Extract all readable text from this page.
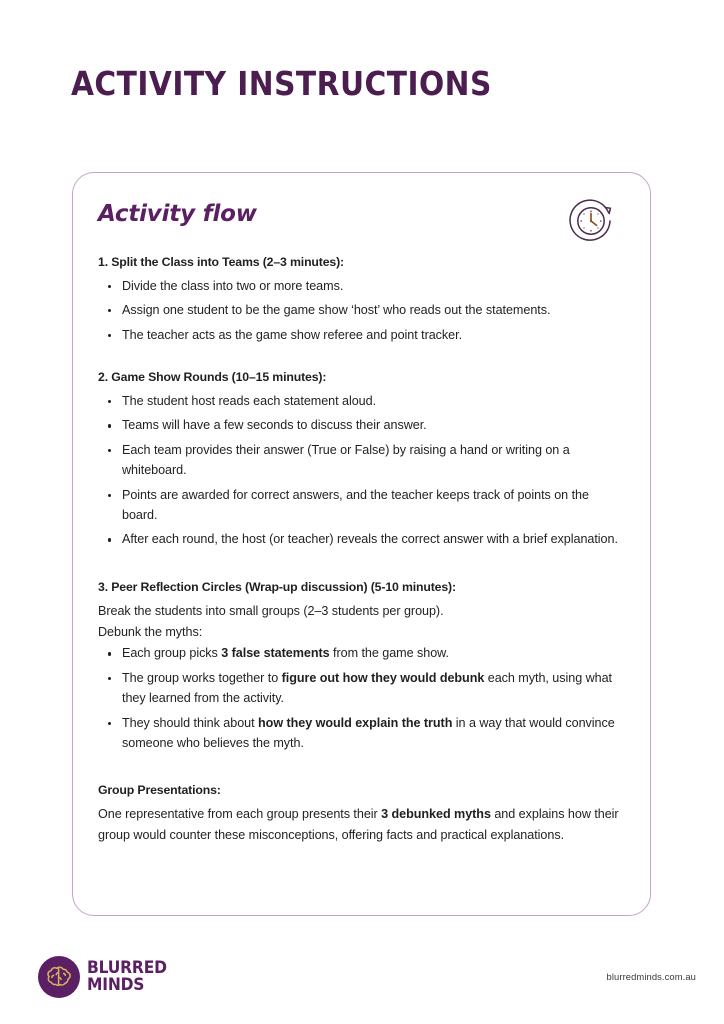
ACTIVITY INSTRUCTIONS
Activity flow
1. Split the Class into Teams (2–3 minutes):
Divide the class into two or more teams.
Assign one student to be the game show ‘host’ who reads out the statements.
The teacher acts as the game show referee and point tracker.
2. Game Show Rounds (10–15 minutes):
The student host reads each statement aloud.
Teams will have a few seconds to discuss their answer.
Each team provides their answer (True or False) by raising a hand or writing on a whiteboard.
Points are awarded for correct answers, and the teacher keeps track of points on the board.
After each round, the host (or teacher) reveals the correct answer with a brief explanation.
3. Peer Reflection Circles (Wrap-up discussion) (5-10 minutes):

Break the students into small groups (2–3 students per group).

Debunk the myths:

Each group picks 3 false statements from the game show.
The group works together to figure out how they would debunk each myth, using what they learned from the activity.
They should think about how they would explain the truth in a way that would convince someone who believes the myth.
Group Presentations:

One representative from each group presents their 3 debunked myths and explains how their group would counter these misconceptions, offering facts and practical explanations.

BLURRED
MINDS	blurredminds.com.au
